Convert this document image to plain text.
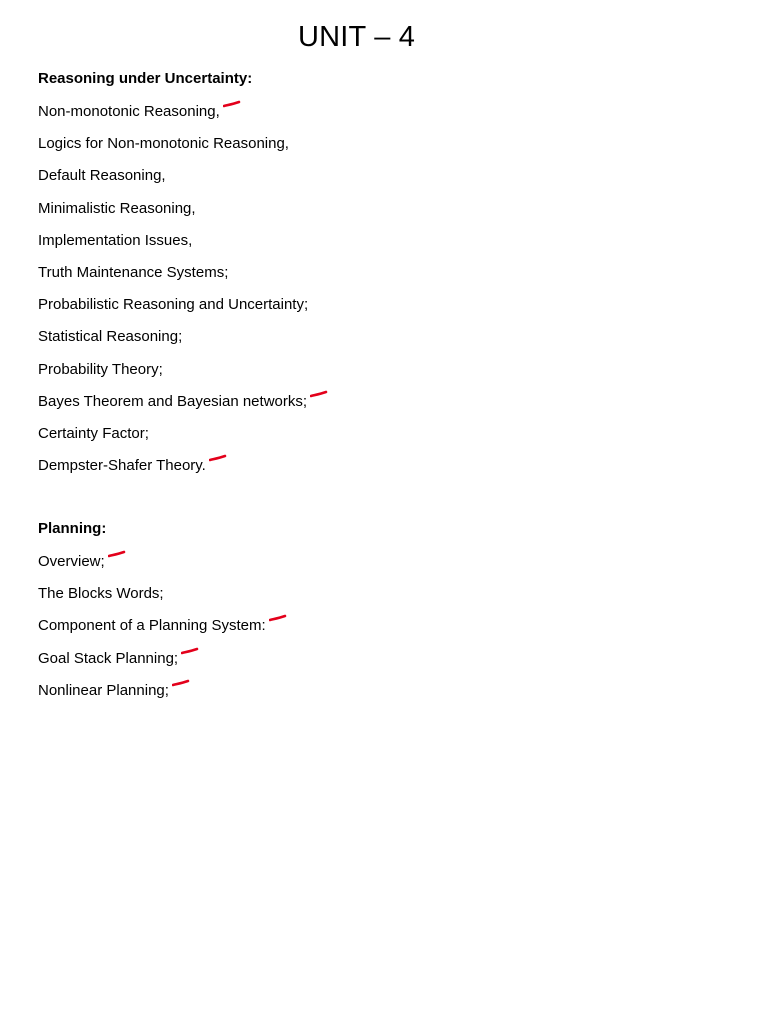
UNIT – 4
Reasoning under Uncertainty:
Non-monotonic Reasoning,
Logics for Non-monotonic Reasoning,
Default Reasoning,
Minimalistic Reasoning,
Implementation Issues,
Truth Maintenance Systems;
Probabilistic Reasoning and Uncertainty;
Statistical Reasoning;
Probability Theory;
Bayes Theorem and Bayesian networks;
Certainty Factor;
Dempster-Shafer Theory.
Planning:
Overview;
The Blocks Words;
Component of a Planning System:
Goal Stack Planning;
Nonlinear Planning;
